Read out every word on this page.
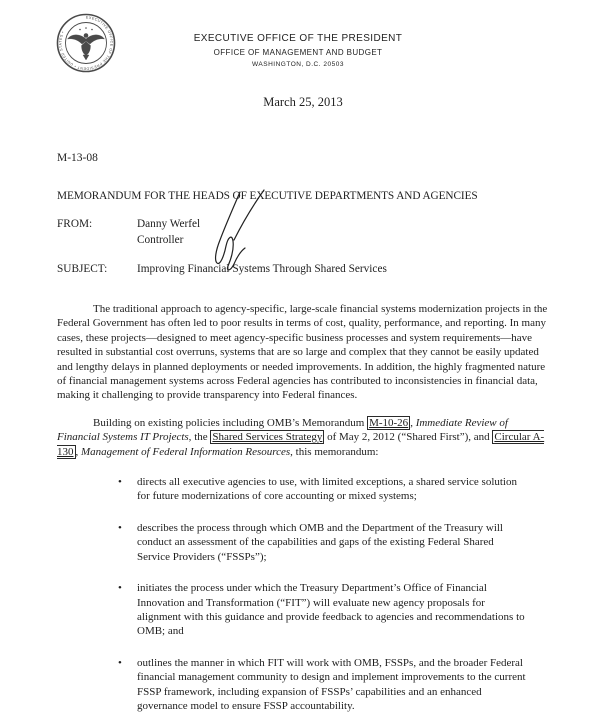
EXECUTIVE OFFICE OF THE PRESIDENT • UNITED STATES •
EXECUTIVE OFFICE OF THE PRESIDENT
OFFICE OF MANAGEMENT AND BUDGET
WASHINGTON, D.C. 20503
March 25, 2013
M-13-08
MEMORANDUM FOR THE HEADS OF EXECUTIVE DEPARTMENTS AND AGENCIES
FROM:	Danny Werfel
Controller
SUBJECT:	Improving Financial Systems Through Shared Services

The traditional approach to agency-specific, large-scale financial systems modernization projects in the Federal Government has often led to poor results in terms of cost, quality, performance, and reporting. In many cases, these projects—designed to meet agency-specific business processes and system requirements—have resulted in substantial cost overruns, systems that are so large and complex that they cannot be easily updated and lengthy delays in planned deployments or needed improvements. In addition, the highly fragmented nature of financial management systems across Federal agencies has contributed to inconsistencies in financial data, making it challenging to provide transparency into Federal finances.

Building on existing policies including OMB’s Memorandum M-10-26 , Immediate Review of Financial Systems IT Projects, the Shared Services Strategy of May 2, 2012 (“Shared First”), and Circular A-130 , Management of Federal Information Resources, this memorandum:

• directs all executive agencies to use, with limited exceptions, a shared service solution for future modernizations of core accounting or mixed systems;
• describes the process through which OMB and the Department of the Treasury will conduct an assessment of the capabilities and gaps of the existing Federal Shared Service Providers (“FSSPs”);
• initiates the process under which the Treasury Department’s Office of Financial Innovation and Transformation (“FIT”) will evaluate new agency proposals for alignment with this guidance and provide feedback to agencies and recommendations to OMB; and
• outlines the manner in which FIT will work with OMB, FSSPs, and the broader Federal financial management community to design and implement improvements to the current FSSP framework, including expansion of FSSPs’ capabilities and an enhanced governance model to ensure FSSP accountability.
